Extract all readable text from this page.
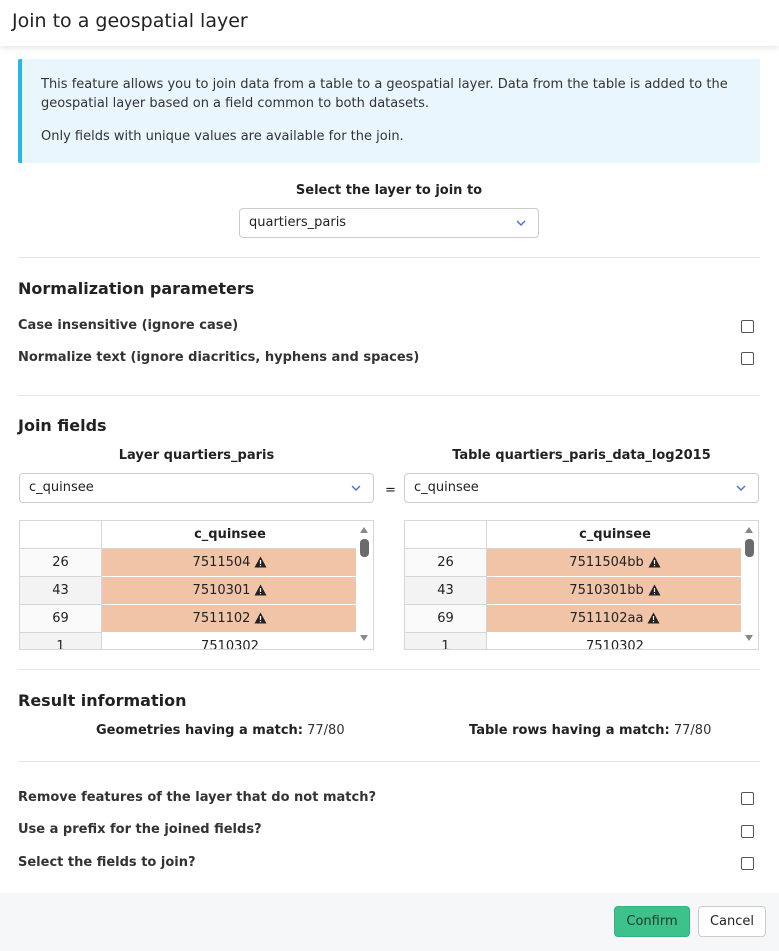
Join to a geospatial layer

This feature allows you to join data from a table to a geospatial layer. Data from the table is added to the geospatial layer based on a field common to both datasets.

Only fields with unique values are available for the join.

Select the layer to join to
quartiers_paris
Normalization parameters
Case insensitive (ignore case)
Normalize text (ignore diacritics, hyphens and spaces)
Join fields
Layer quartiers_paris	Table quartiers_paris_data_log2015
c_quinsee	=	c_quinsee
c_quinsee
26	7511504
43	7510301
69	7511102
1	7510302
c_quinsee
26	7511504bb
43	7510301bb
69	7511102aa
1	7510302
Result information
Geometries having a match: 77/80	Table rows having a match: 77/80
Remove features of the layer that do not match?
Use a prefix for the joined fields?
Select the fields to join?
Confirm	Cancel
